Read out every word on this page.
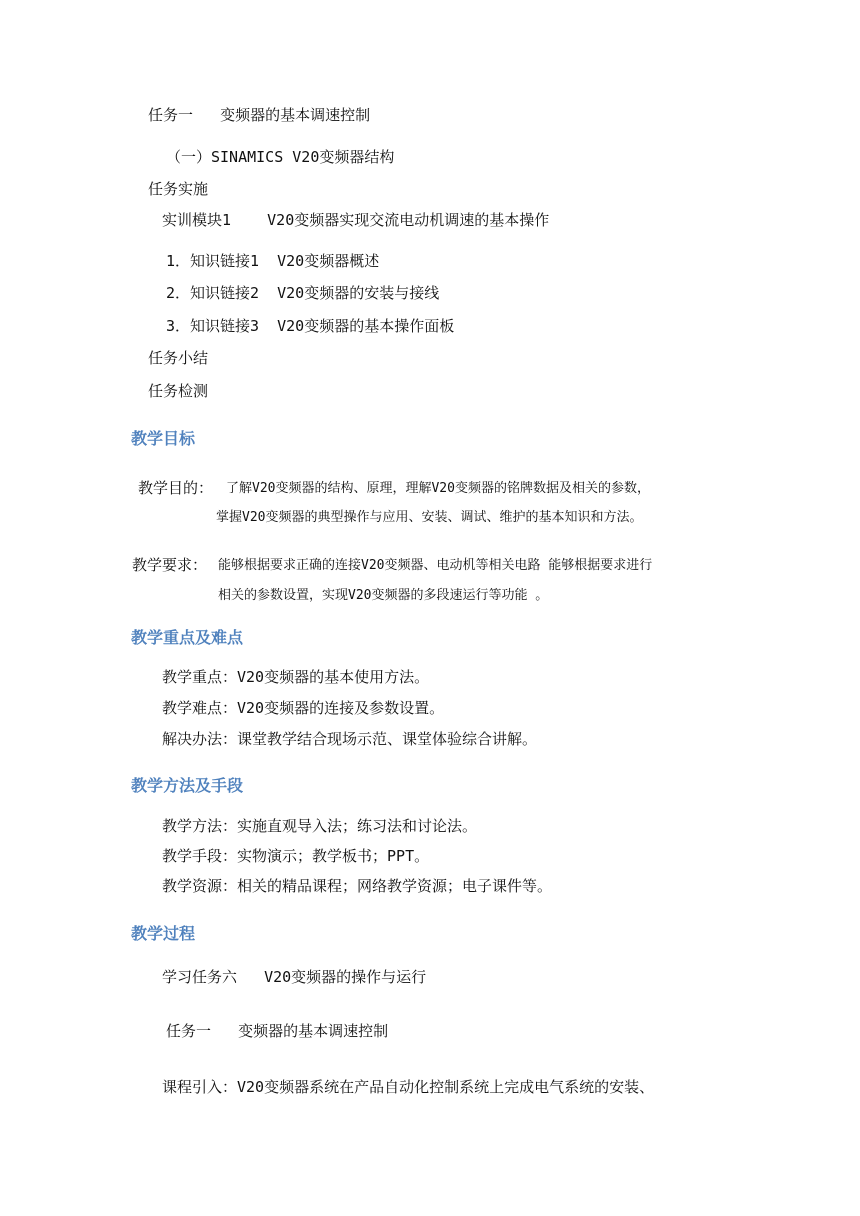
任务一   变频器的基本调速控制
（一）SINAMICS V20变频器结构
任务实施
实训模块1    V20变频器实现交流电动机调速的基本操作
1．知识链接1  V20变频器概述
2．知识链接2  V20变频器的安装与接线
3．知识链接3  V20变频器的基本操作面板
任务小结
任务检测
教学目标
教学目的： 了解V20变频器的结构、原理，理解V20变频器的铭牌数据及相关的参数，
掌握V20变频器的典型操作与应用、安装、调试、维护的基本知识和方法。
教学要求： 能够根据要求正确的连接V20变频器、电动机等相关电路 能够根据要求进行
相关的参数设置，实现V20变频器的多段速运行等功能 。
教学重点及难点
教学重点：V20变频器的基本使用方法。
教学难点：V20变频器的连接及参数设置。
解决办法：课堂教学结合现场示范、课堂体验综合讲解。
教学方法及手段
教学方法：实施直观导入法；练习法和讨论法。
教学手段：实物演示；教学板书；PPT。
教学资源：相关的精品课程；网络教学资源；电子课件等。
教学过程
学习任务六   V20变频器的操作与运行
任务一   变频器的基本调速控制
课程引入：V20变频器系统在产品自动化控制系统上完成电气系统的安装、
